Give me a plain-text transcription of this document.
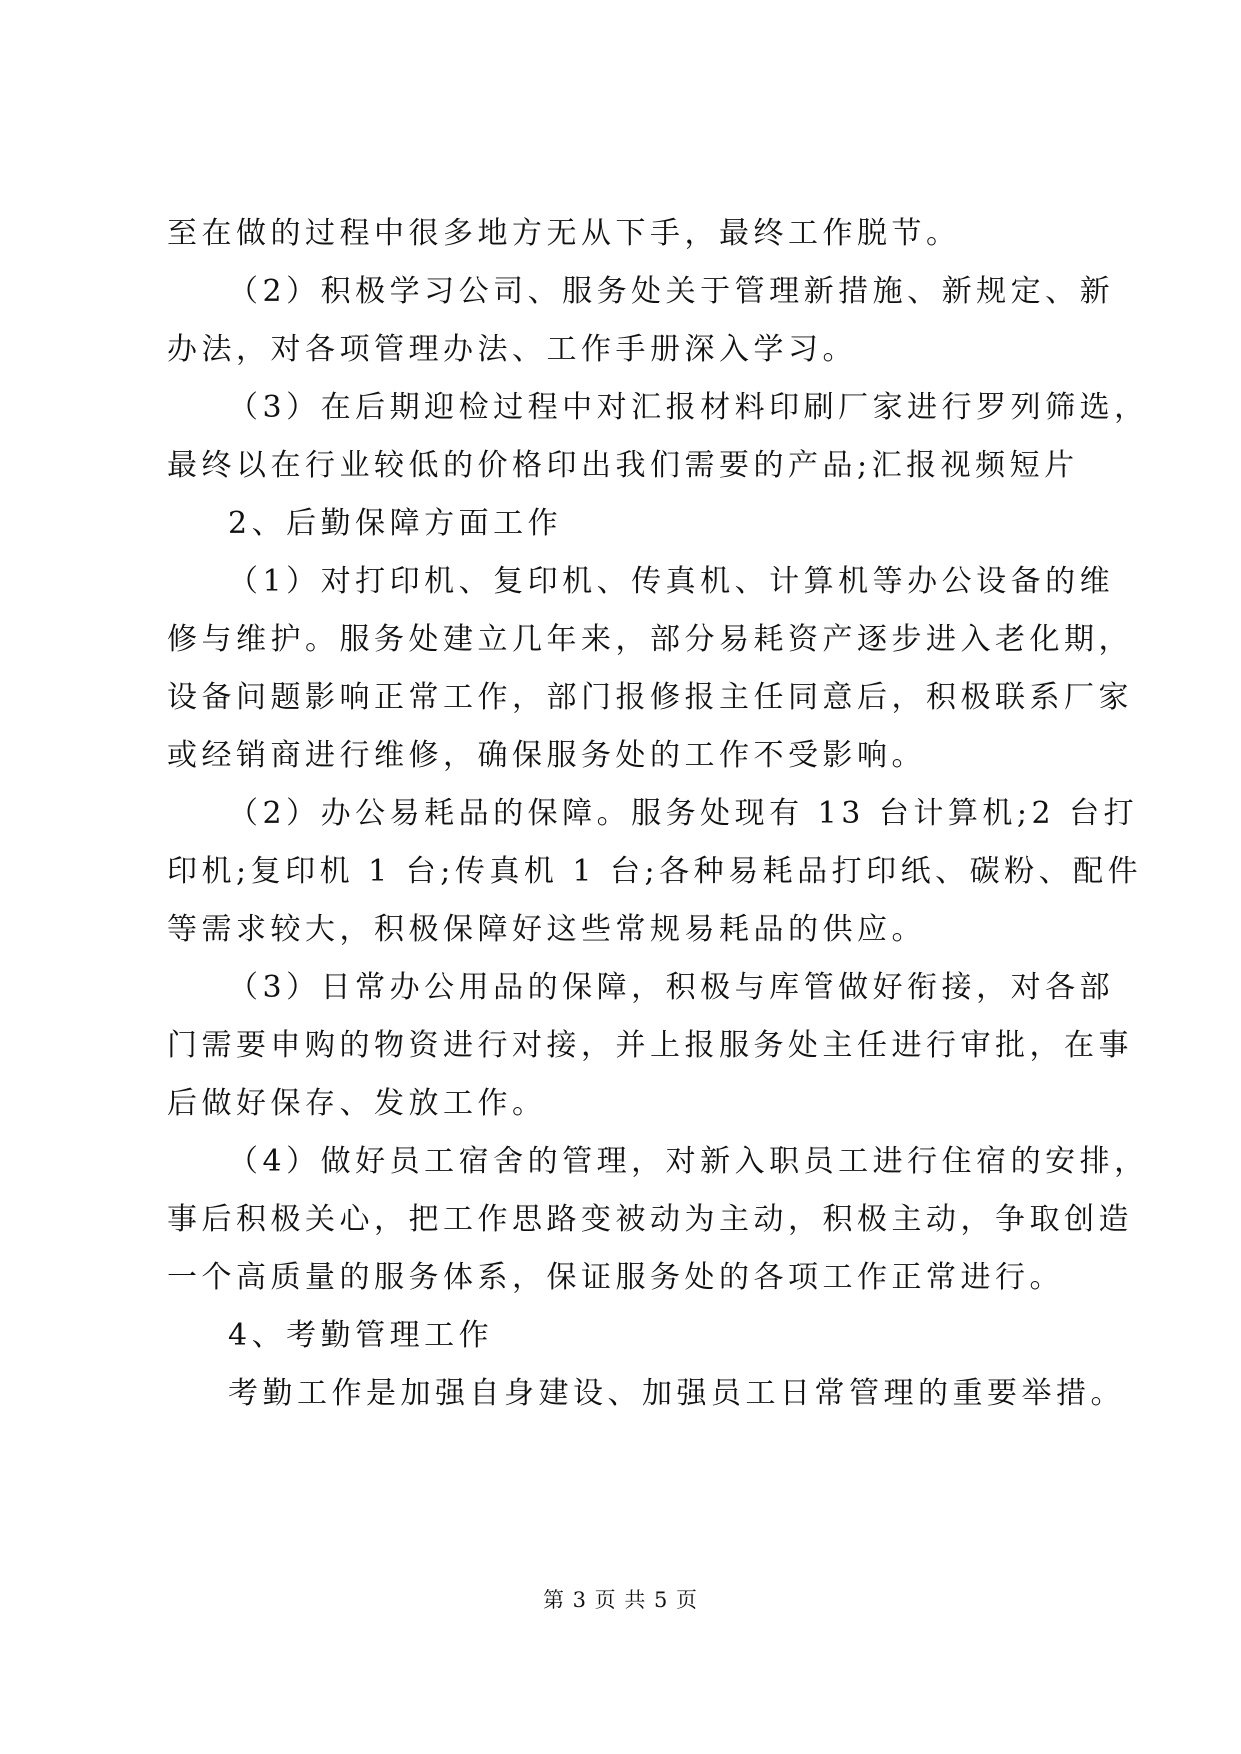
至在做的过程中很多地方无从下手，最终工作脱节。
（2）积极学习公司、服务处关于管理新措施、新规定、新
办法，对各项管理办法、工作手册深入学习。
（3）在后期迎检过程中对汇报材料印刷厂家进行罗列筛选，
最终以在行业较低的价格印出我们需要的产品;汇报视频短片
2、后勤保障方面工作
（1）对打印机、复印机、传真机、计算机等办公设备的维
修与维护。服务处建立几年来，部分易耗资产逐步进入老化期，
设备问题影响正常工作，部门报修报主任同意后，积极联系厂家
或经销商进行维修，确保服务处的工作不受影响。
（2）办公易耗品的保障。服务处现有 13 台计算机;2 台打
印机;复印机 1 台;传真机 1 台;各种易耗品打印纸、碳粉、配件
等需求较大，积极保障好这些常规易耗品的供应。
（3）日常办公用品的保障，积极与库管做好衔接，对各部
门需要申购的物资进行对接，并上报服务处主任进行审批，在事
后做好保存、发放工作。
（4）做好员工宿舍的管理，对新入职员工进行住宿的安排，
事后积极关心，把工作思路变被动为主动，积极主动，争取创造
一个高质量的服务体系，保证服务处的各项工作正常进行。
4、考勤管理工作
考勤工作是加强自身建设、加强员工日常管理的重要举措。
第 3 页 共 5 页
